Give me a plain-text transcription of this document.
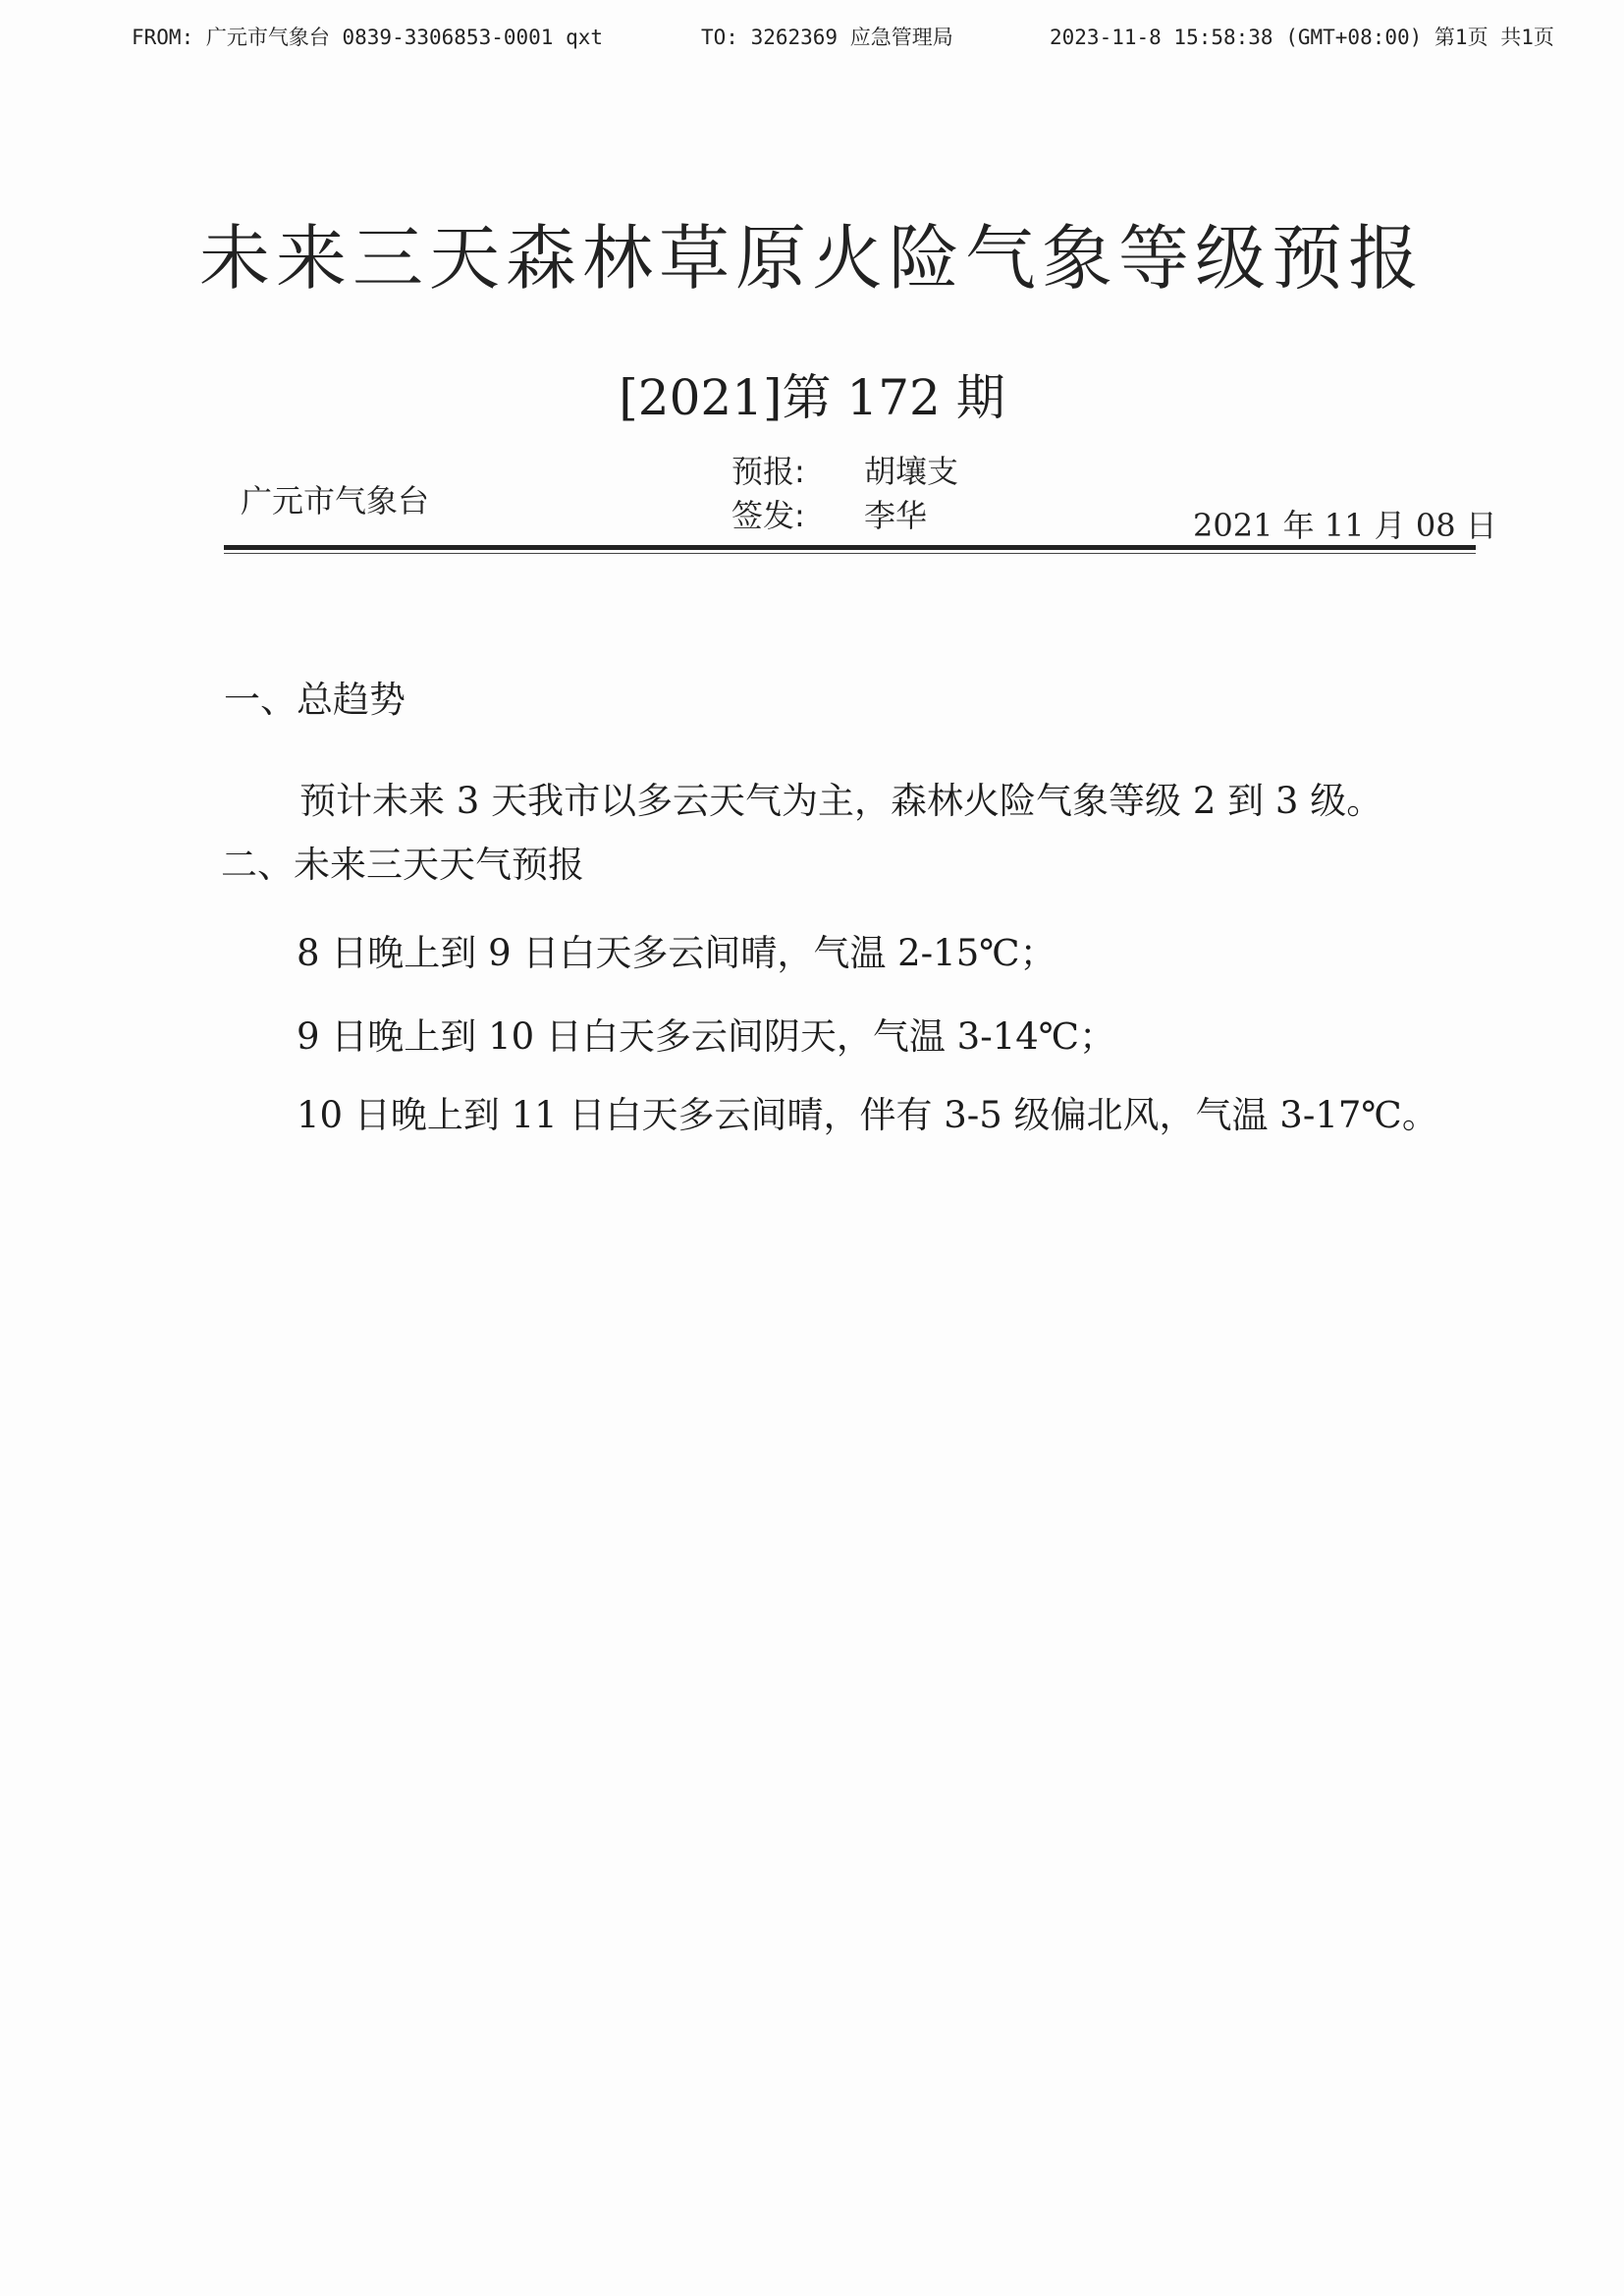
FROM: 广元市气象台 0839-3306853-0001 qxt	TO: 3262369 应急管理局	2023-11-8 15:58:38 (GMT+08:00) 第1页 共1页
未来三天森林草原火险气象等级预报
[2021]第 172 期
广元市气象台
预报: 胡壤支
签发: 李华	2021 年 11 月 08 日
一、总趋势
预计未来 3 天我市以多云天气为主，森林火险气象等级 2 到 3 级。
二、未来三天天气预报
8 日晚上到 9 日白天多云间晴，气温 2-15℃；
9 日晚上到 10 日白天多云间阴天，气温 3-14℃；
10 日晚上到 11 日白天多云间晴，伴有 3-5 级偏北风，气温 3-17℃。
